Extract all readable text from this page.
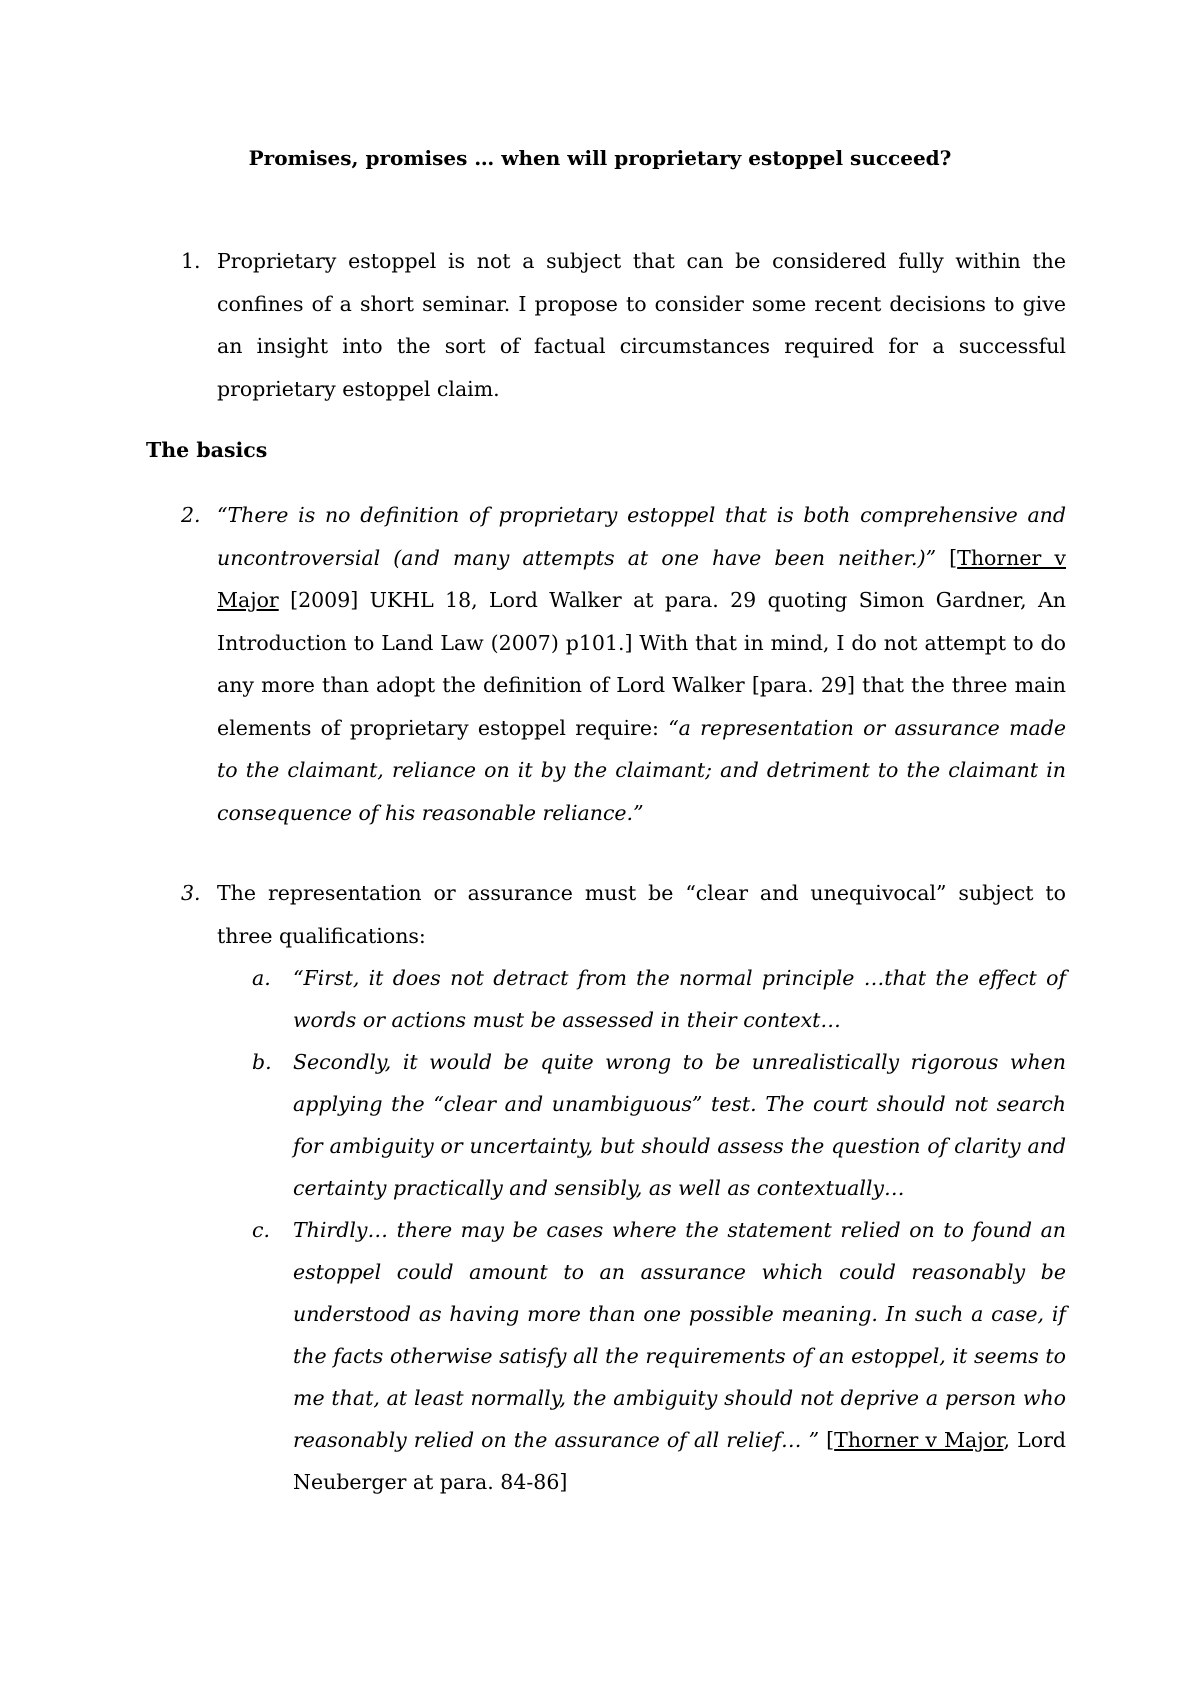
Promises, promises … when will proprietary estoppel succeed?
1. Proprietary estoppel is not a subject that can be considered fully within the confines of a short seminar. I propose to consider some recent decisions to give an insight into the sort of factual circumstances required for a successful proprietary estoppel claim.
The basics
2. “There is no definition of proprietary estoppel that is both comprehensive and uncontroversial (and many attempts at one have been neither.)” [Thorner v Major [2009] UKHL 18, Lord Walker at para. 29 quoting Simon Gardner, An Introduction to Land Law (2007) p101.] With that in mind, I do not attempt to do any more than adopt the definition of Lord Walker [para. 29] that the three main elements of proprietary estoppel require: “a representation or assurance made to the claimant, reliance on it by the claimant; and detriment to the claimant in consequence of his reasonable reliance.”
3. The representation or assurance must be “clear and unequivocal” subject to three qualifications:
a. “First, it does not detract from the normal principle …that the effect of words or actions must be assessed in their context…
b. Secondly, it would be quite wrong to be unrealistically rigorous when applying the “clear and unambiguous” test. The court should not search for ambiguity or uncertainty, but should assess the question of clarity and certainty practically and sensibly, as well as contextually…
c. Thirdly… there may be cases where the statement relied on to found an estoppel could amount to an assurance which could reasonably be understood as having more than one possible meaning. In such a case, if the facts otherwise satisfy all the requirements of an estoppel, it seems to me that, at least normally, the ambiguity should not deprive a person who reasonably relied on the assurance of all relief… ” [Thorner v Major, Lord Neuberger at para. 84-86]
